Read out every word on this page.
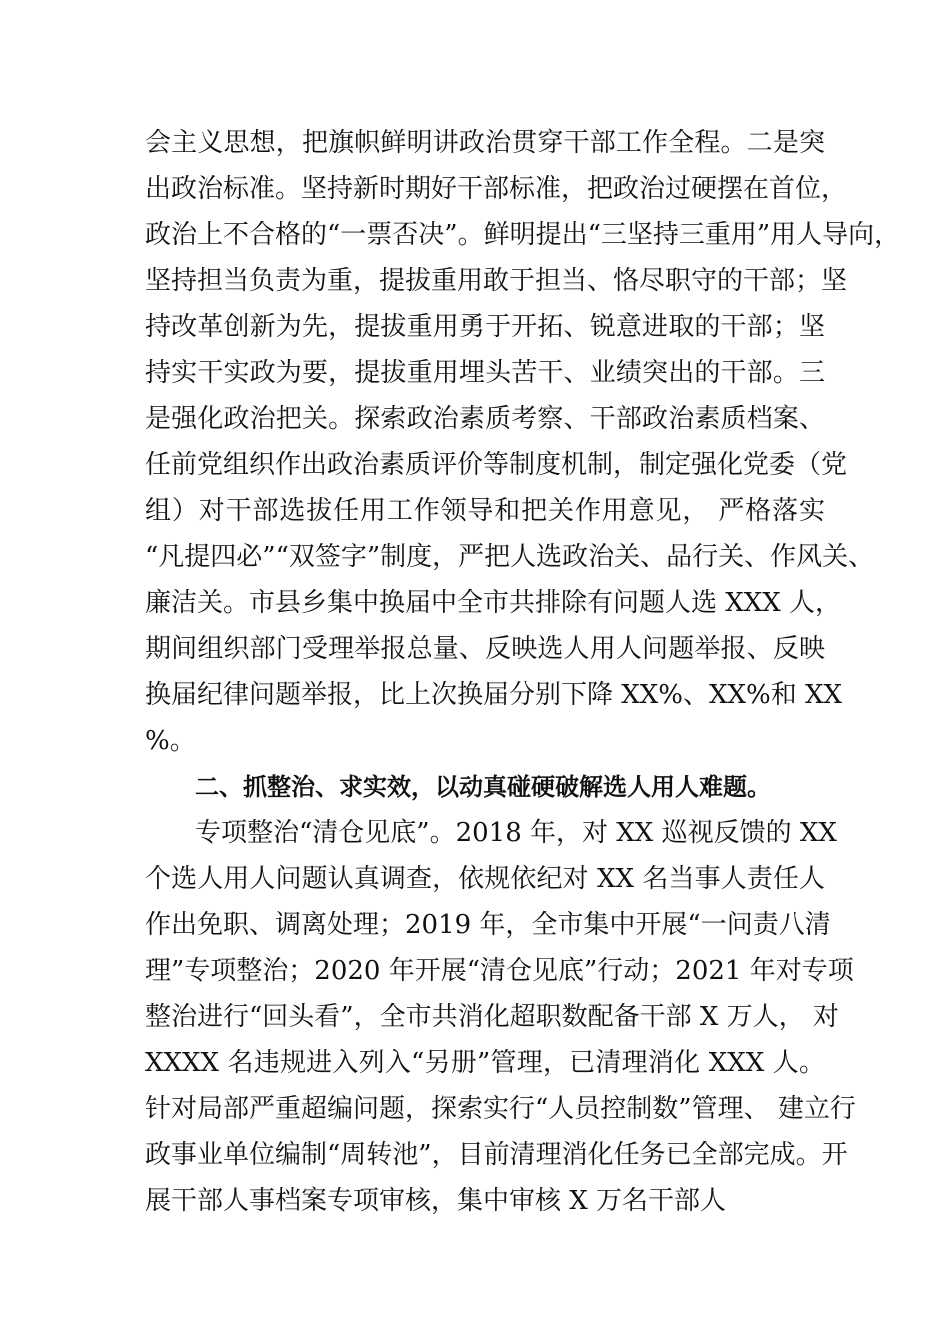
会主义思想，把旗帜鲜明讲政治贯穿干部工作全程。二是突
出政治标准。坚持新时期好干部标准，把政治过硬摆在首位，
政治上不合格的“一票否决”。鲜明提出“三坚持三重用”用人导向，
坚持担当负责为重，提拔重用敢于担当、恪尽职守的干部；坚
持改革创新为先，提拔重用勇于开拓、锐意进取的干部；坚
持实干实政为要，提拔重用埋头苦干、业绩突出的干部。三
是强化政治把关。探索政治素质考察、干部政治素质档案、
任前党组织作出政治素质评价等制度机制，制定强化党委（党
组）对干部选拔任用工作领导和把关作用意见， 严格落实
“凡提四必”“双签字”制度，严把人选政治关、品行关、作风关、
廉洁关。市县乡集中换届中全市共排除有问题人选 XXX 人，
期间组织部门受理举报总量、反映选人用人问题举报、反映
换届纪律问题举报，比上次换届分别下降 XX%、XX%和 XX
%。
二、抓整治、求实效，以动真碰硬破解选人用人难题。
专项整治“清仓见底”。2018 年，对 XX 巡视反馈的 XX
个选人用人问题认真调查，依规依纪对 XX 名当事人责任人
作出免职、调离处理；2019 年，全市集中开展“一问责八清
理”专项整治；2020 年开展“清仓见底”行动；2021 年对专项
整治进行“回头看”，全市共消化超职数配备干部 X 万人， 对
XXXX 名违规进入列入“另册”管理，已清理消化 XXX 人。
针对局部严重超编问题，探索实行“人员控制数”管理、 建立行
政事业单位编制“周转池”，目前清理消化任务已全部完成。开
展干部人事档案专项审核，集中审核 X 万名干部人
